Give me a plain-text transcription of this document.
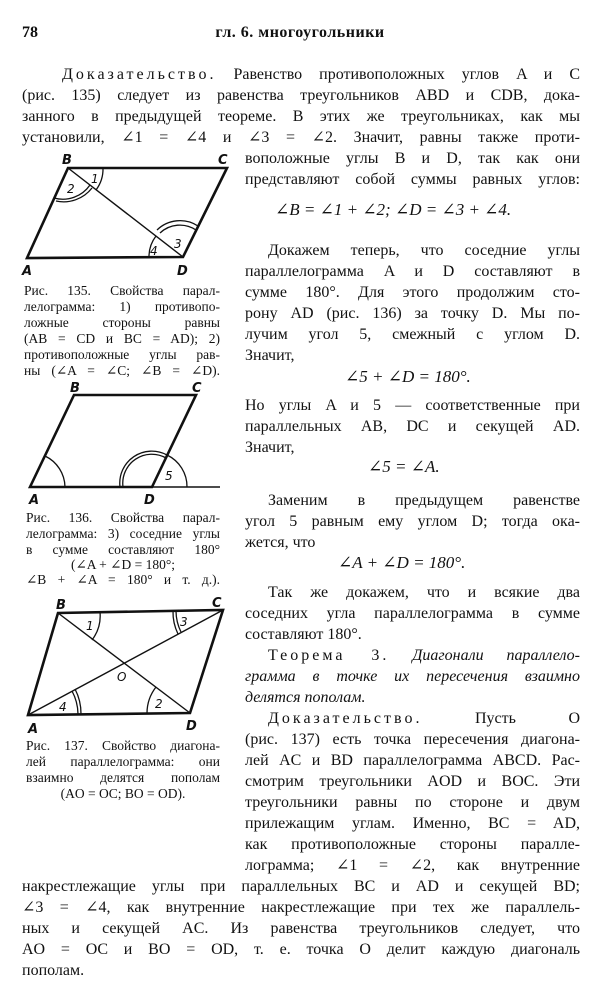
78	гл. 6. многоугольники
Доказательство. Равенство противоположных углов A и C
(рис. 135) следует из равенства треугольников ABD и CDB, дока-
занного в предыдущей теореме. В этих же треугольниках, как мы
установили, ∠1 = ∠4 и ∠3 = ∠2. Значит, равны также проти-
воположные углы B и D, так как они
представляют собой суммы равных углов:
∠B = ∠1 + ∠2; ∠D = ∠3 + ∠4.
Докажем теперь, что соседние углы
параллелограмма A и D составляют в
сумме 180°. Для этого продолжим сто-
рону AD (рис. 136) за точку D. Мы по-
лучим угол 5, смежный с углом D.
Значит,
∠5 + ∠D = 180°.
Но углы A и 5 — соответственные при
параллельных AB, DC и секущей AD.
Значит,
∠5 = ∠A.
Заменим в предыдущем равенстве
угол 5 равным ему углом D; тогда ока-
жется, что
∠A + ∠D = 180°.
Так же докажем, что и всякие два
соседних угла параллелограмма в сумме
составляют 180°.
Теорема 3. Диагонали параллело-
грамма в точке их пересечения взаимно
делятся пополам.
Доказательство. Пусть O
(рис. 137) есть точка пересечения диагона-
лей AC и BD параллелограмма ABCD. Рас-
смотрим треугольники AOD и BOC. Эти
треугольники равны по стороне и двум
прилежащим углам. Именно, BC = AD,
как противоположные стороны паралле-
лограмма; ∠1 = ∠2, как внутренние
накрестлежащие углы при параллельных BC и AD и секущей BD;
∠3 = ∠4, как внутренние накрестлежащие при тех же параллель-
ных и секущей AC. Из равенства треугольников следует, что
AO = OC и BO = OD, т. е. точка O делит каждую диагональ
пополам.
B	C
A	D
1
2
3
4
B	C
A	D
5
B	C
A	D
O
1
2
3
4
Рис. 135. Свойства парал-
лелограмма: 1) противопо-
ложные стороны равны
(AB = CD и BC = AD); 2)
противоположные углы рав-
ны (∠A = ∠C; ∠B = ∠D).
Рис. 136. Свойства парал-
лелограмма: 3) соседние углы
в сумме составляют 180°
(∠A + ∠D = 180°;
∠B + ∠A = 180° и т. д.).
Рис. 137. Свойство диагона-
лей параллелограмма: они
взаимно делятся пополам
(AO = OC; BO = OD).
